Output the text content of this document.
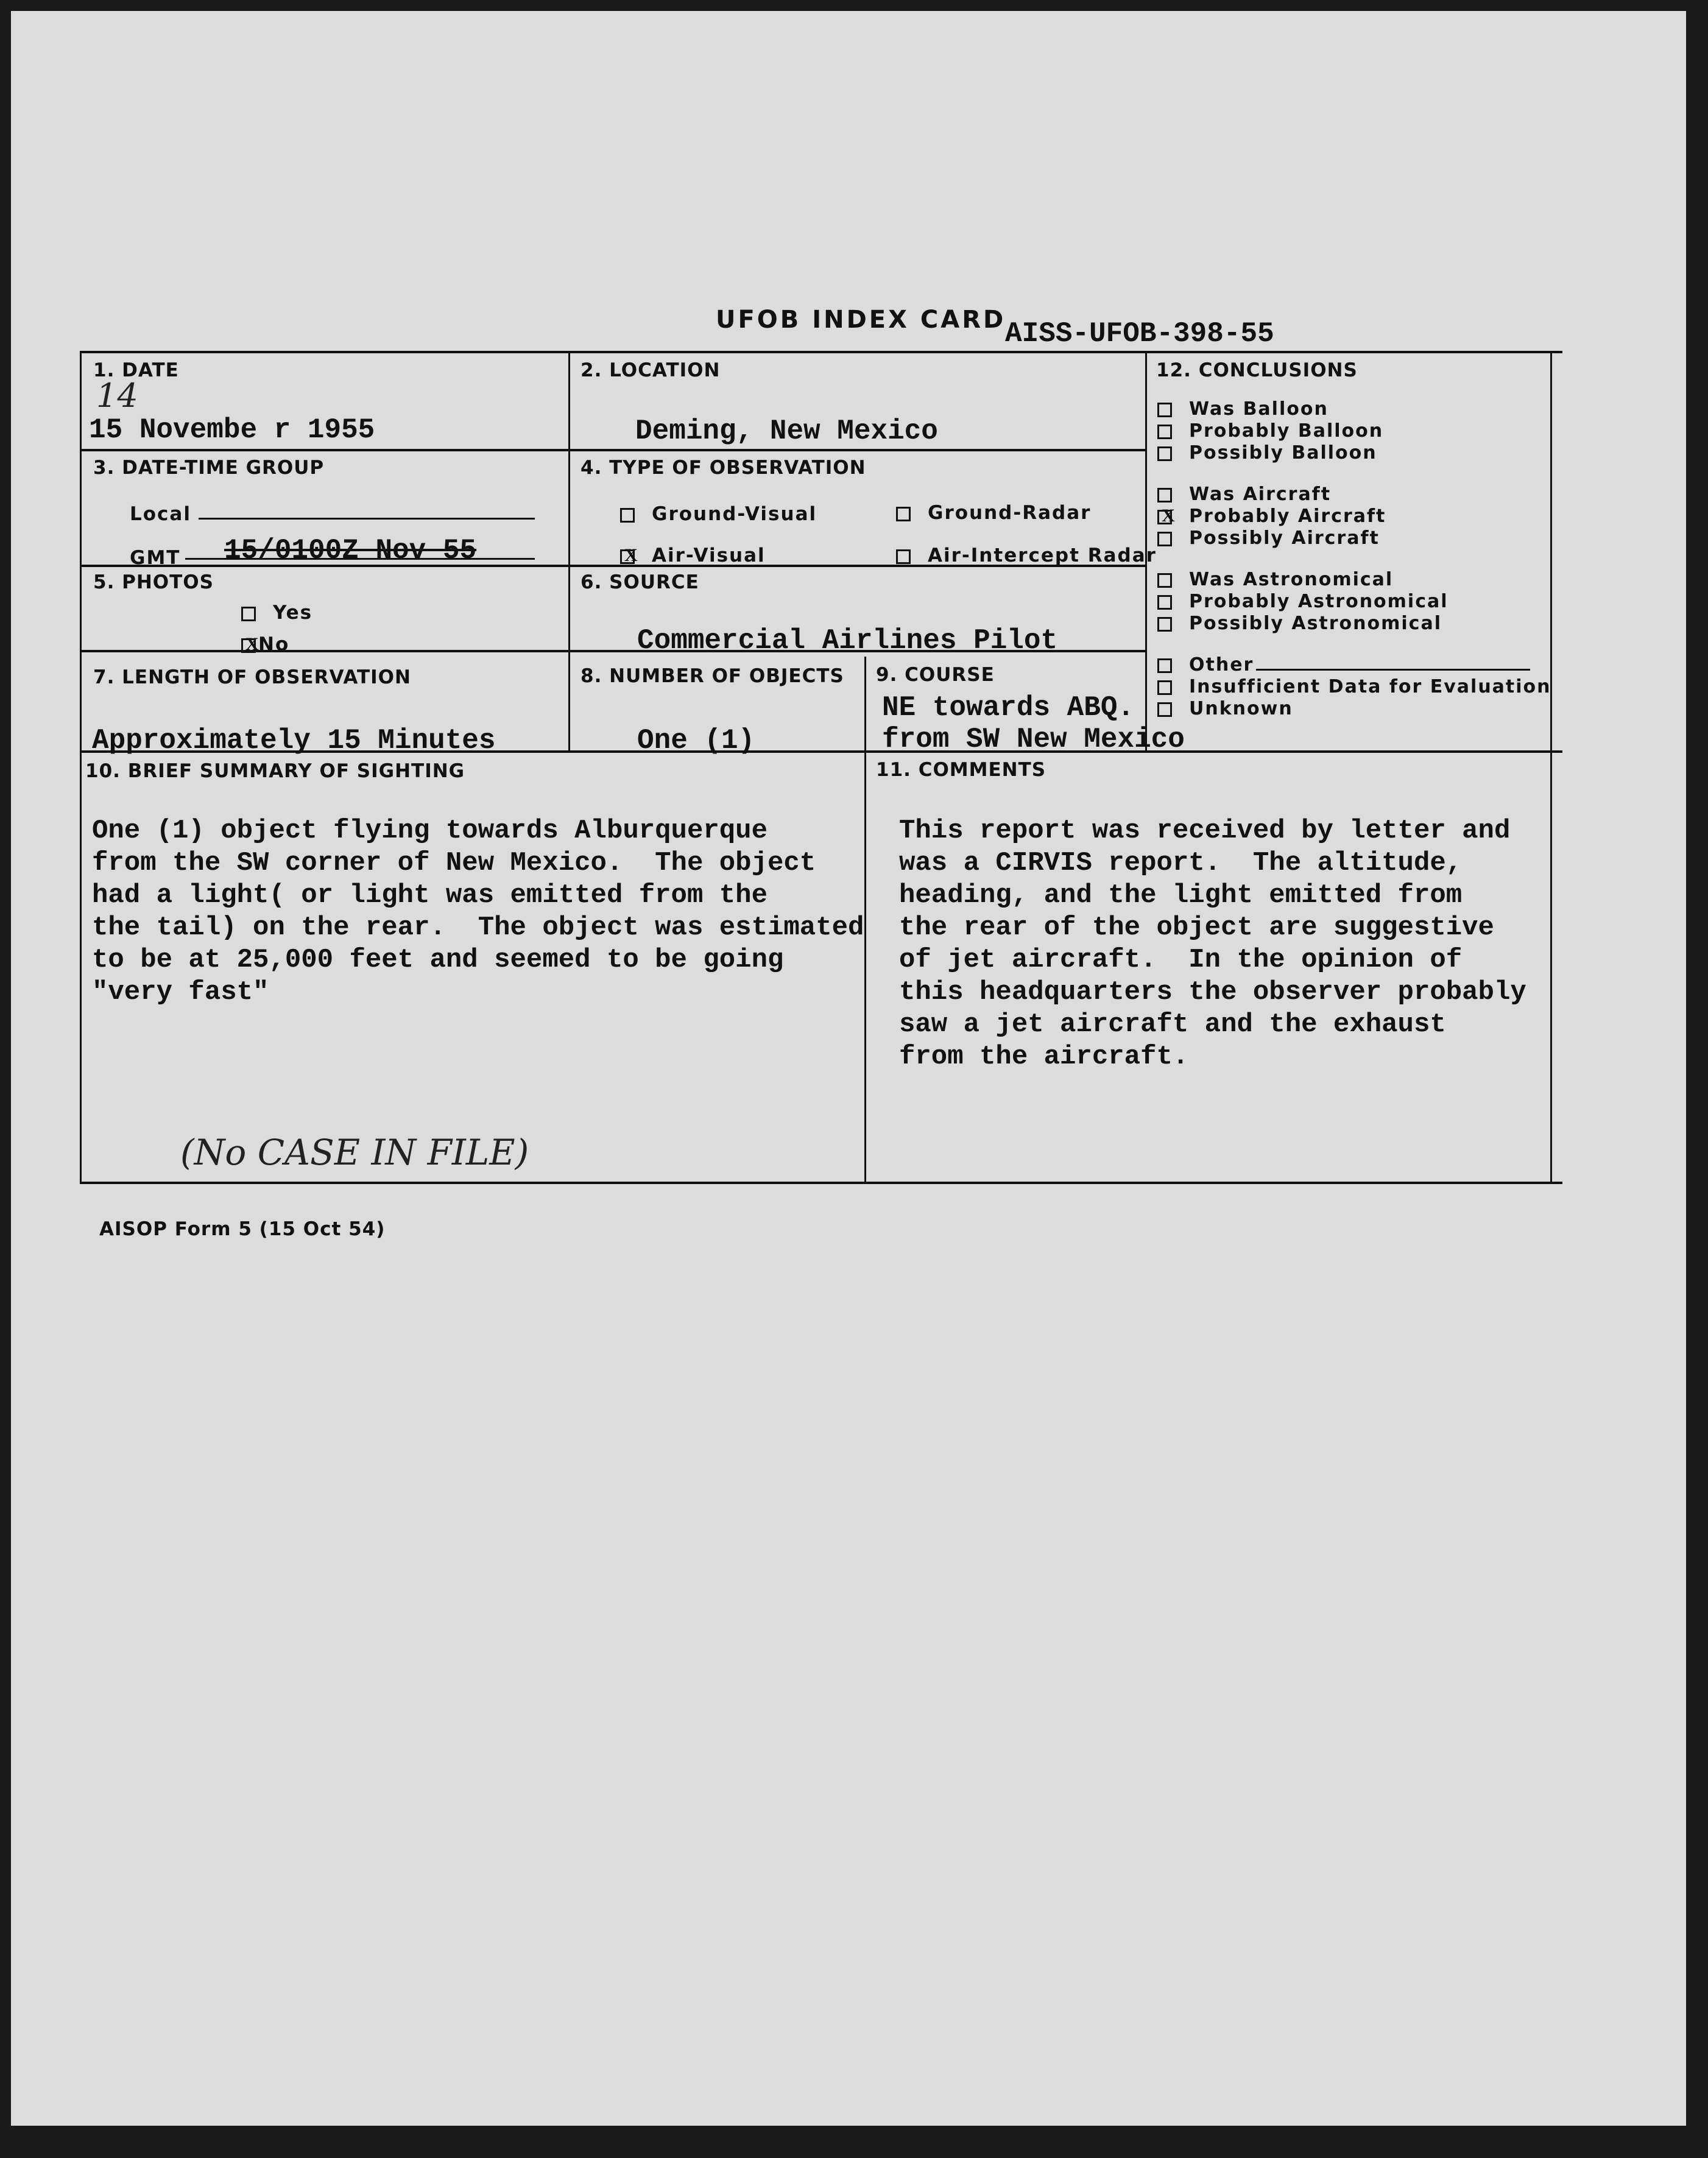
UFOB INDEX CARD
AISS-UFOB-398-55
1. DATE
14
15 Novembe r 1955
2. LOCATION
Deming, New Mexico
3. DATE-TIME GROUP
Local
GMT 15/0100Z Nov 55
4. TYPE OF OBSERVATION
Ground-Visual	Ground-Radar
XAir-Visual	Air-Intercept Radar
5. PHOTOS
Yes
XNo
6. SOURCE
Commercial Airlines Pilot
7. LENGTH OF OBSERVATION
Approximately 15 Minutes
8. NUMBER OF OBJECTS
One (1)
9. COURSE
NE towards ABQ.
from SW New Mexico
10. BRIEF SUMMARY OF SIGHTING
One (1) object flying towards Alburquerque
from the SW corner of New Mexico.  The object
had a light( or light was emitted from the
the tail) on the rear.  The object was estimated
to be at 25,000 feet and seemed to be going
"very fast"
11. COMMENTS
This report was received by letter and
was a CIRVIS report.  The altitude,
heading, and the light emitted from
the rear of the object are suggestive
of jet aircraft.  In the opinion of
this headquarters the observer probably
saw a jet aircraft and the exhaust
from the aircraft.
12. CONCLUSIONS
Was Balloon
Probably Balloon
Possibly Balloon
Was Aircraft
XProbably Aircraft
Possibly Aircraft
Was Astronomical
Probably Astronomical
Possibly Astronomical
Other
Insufficient Data for Evaluation
Unknown
(No CASE IN FILE)
AISOP Form 5 (15 Oct 54)
